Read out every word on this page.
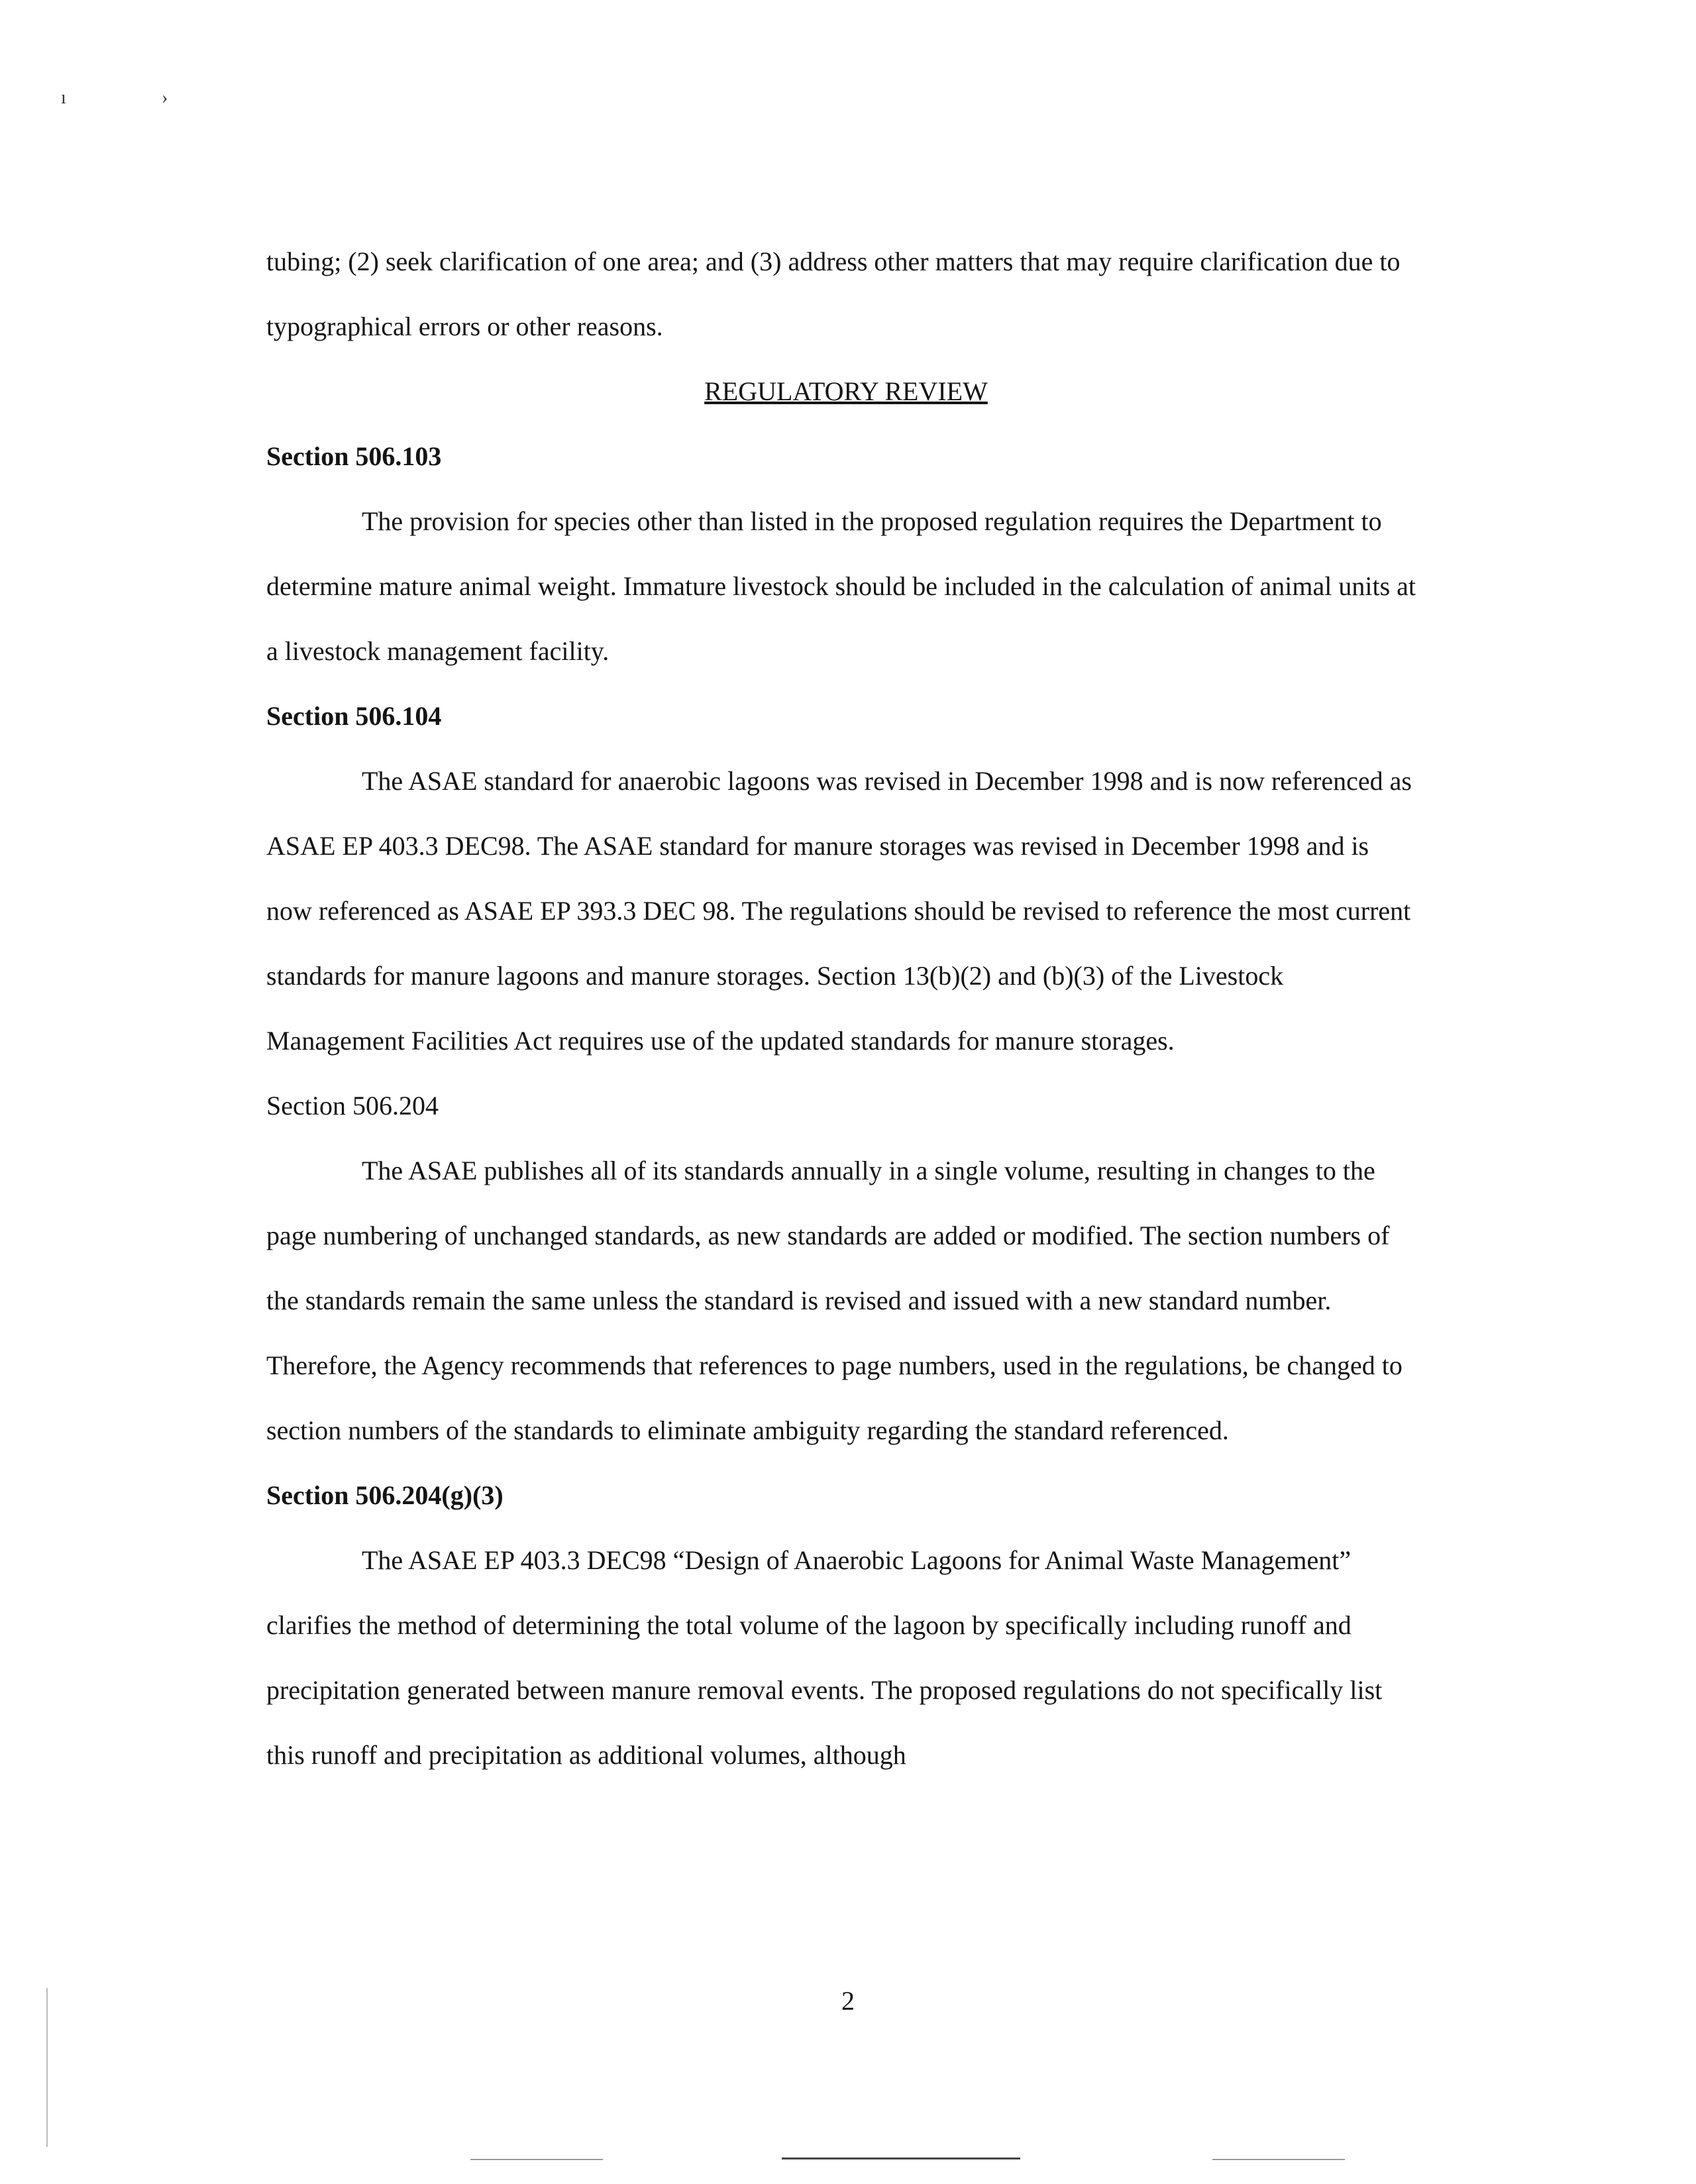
ı	›

tubing; (2) seek clarification of one area; and (3) address other matters that may require clarification due to typographical errors or other reasons.

REGULATORY REVIEW

Section 506.103

The provision for species other than listed in the proposed regulation requires the Department to determine mature animal weight. Immature livestock should be included in the calculation of animal units at a livestock management facility.

Section 506.104

The ASAE standard for anaerobic lagoons was revised in December 1998 and is now referenced as ASAE EP 403.3 DEC98. The ASAE standard for manure storages was revised in December 1998 and is now referenced as ASAE EP 393.3 DEC 98. The regulations should be revised to reference the most current standards for manure lagoons and manure storages. Section 13(b)(2) and (b)(3) of the Livestock Management Facilities Act requires use of the updated standards for manure storages.

Section 506.204

The ASAE publishes all of its standards annually in a single volume, resulting in changes to the page numbering of unchanged standards, as new standards are added or modified. The section numbers of the standards remain the same unless the standard is revised and issued with a new standard number. Therefore, the Agency recommends that references to page numbers, used in the regulations, be changed to section numbers of the standards to eliminate ambiguity regarding the standard referenced.

Section 506.204(g)(3)

The ASAE EP 403.3 DEC98 “Design of Anaerobic Lagoons for Animal Waste Management” clarifies the method of determining the total volume of the lagoon by specifically including runoff and precipitation generated between manure removal events. The proposed regulations do not specifically list this runoff and precipitation as additional volumes, although

2
